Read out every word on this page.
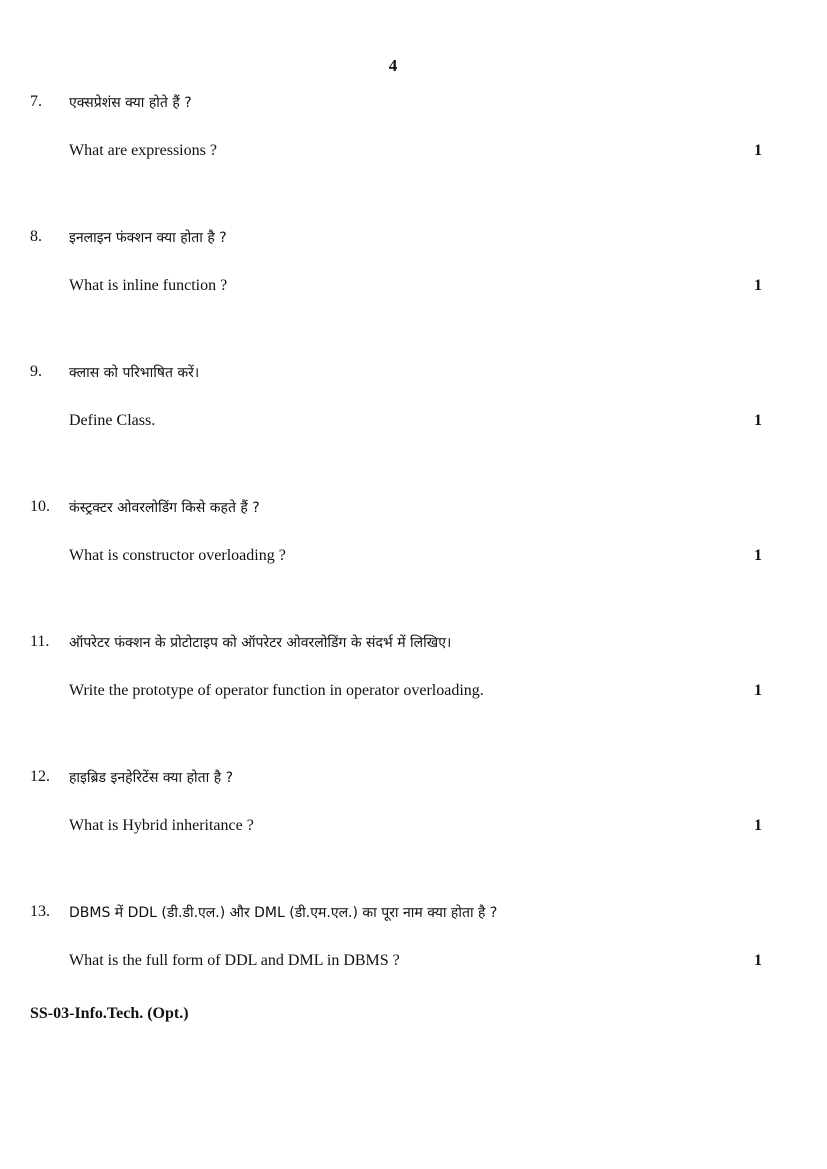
4
7. एक्सप्रेशंस क्या होते हैं ?
What are expressions ?	1
8. इनलाइन फंक्शन क्या होता है ?
What is inline function ?	1
9. क्लास को परिभाषित करें।
Define Class.	1
10. कंस्ट्रक्टर ओवरलोडिंग किसे कहते हैं ?
What is constructor overloading ?	1
11. ऑपरेटर फंक्शन के प्रोटोटाइप को ऑपरेटर ओवरलोडिंग के संदर्भ में लिखिए।
Write the prototype of operator function in operator overloading.	1
12. हाइब्रिड इनहेरिटेंस क्या होता है ?
What is Hybrid inheritance ?	1
13. DBMS में DDL (डी.डी.एल.) और DML (डी.एम.एल.) का पूरा नाम क्या होता है ?
What is the full form of DDL and DML in DBMS ?	1
SS-03-Info.Tech. (Opt.)
